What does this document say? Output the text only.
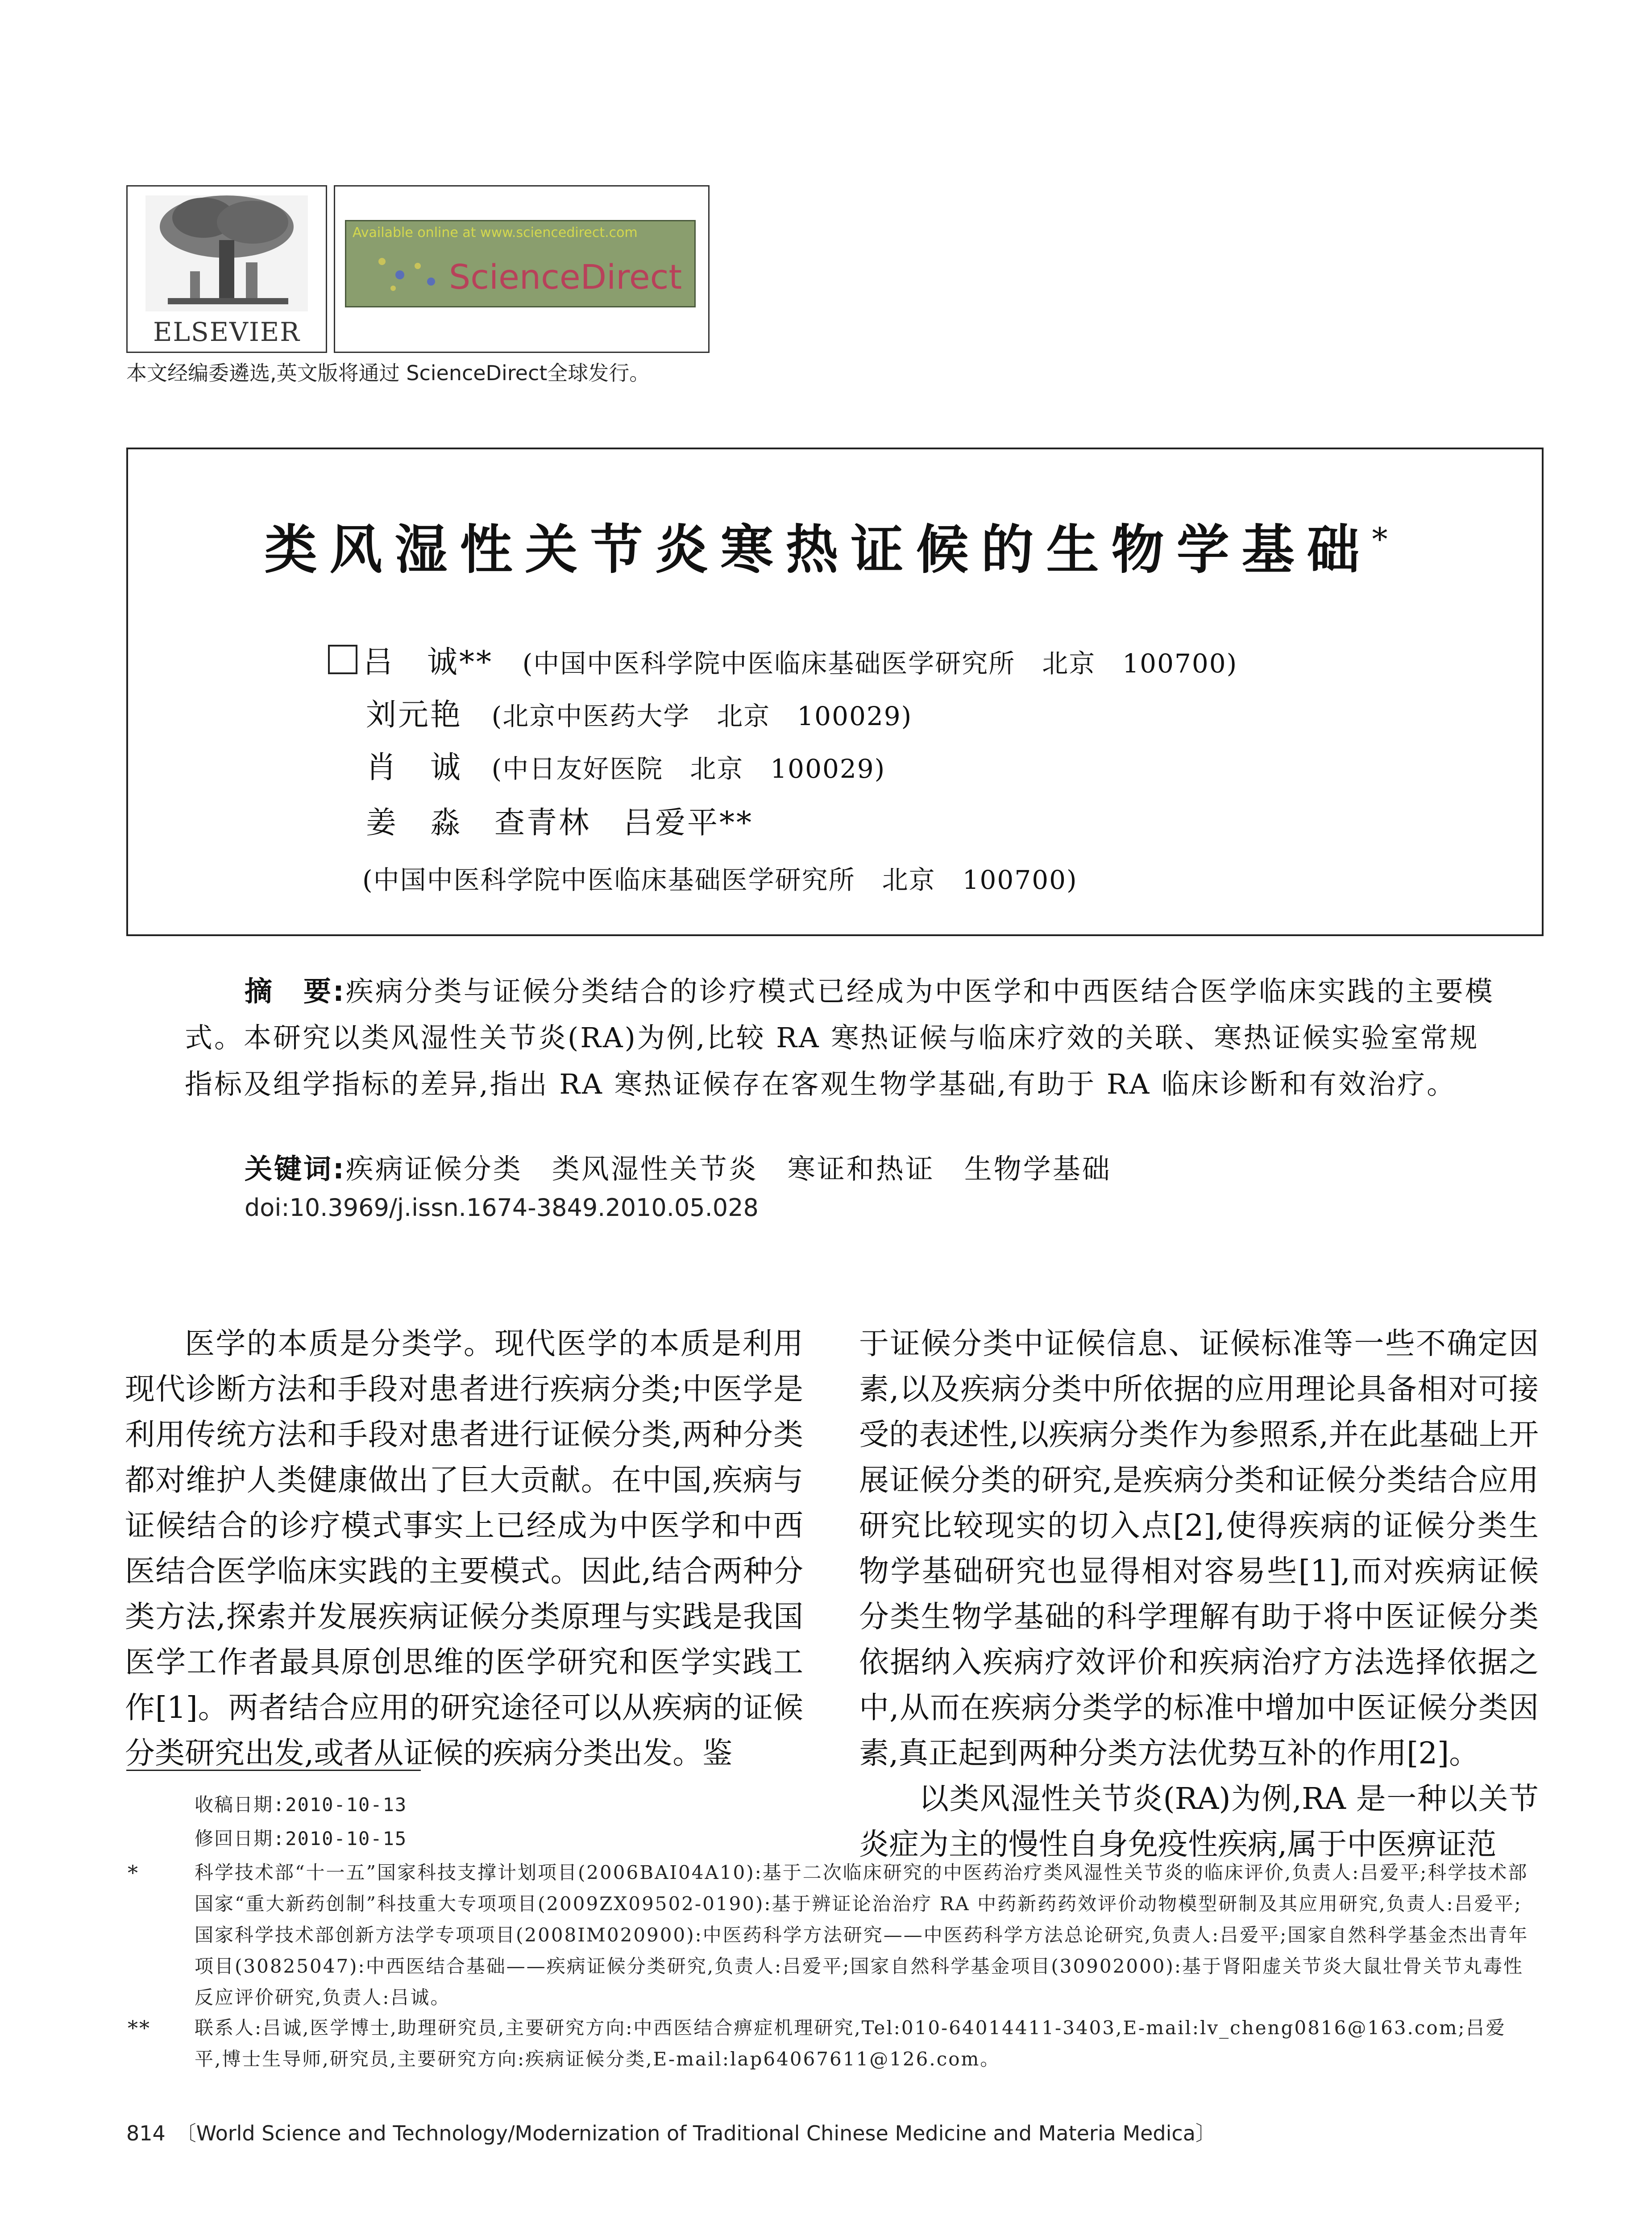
ELSEVIER
Available online at www.sciencedirect.com
ScienceDirect
本文经编委遴选,英文版将通过 ScienceDirect全球发行。
类风湿性关节炎寒热证候的生物学基础*
吕　诚** (中国中医科学院中医临床基础医学研究所　北京　100700)
刘元艳 (北京中医药大学　北京　100029)
肖　诚 (中日友好医院　北京　100029)
姜　淼　查青林　吕爱平**
(中国中医科学院中医临床基础医学研究所　北京　100700)
摘　要:疾病分类与证候分类结合的诊疗模式已经成为中医学和中西医结合医学临床实践的主要模式。本研究以类风湿性关节炎(RA)为例,比较 RA 寒热证候与临床疗效的关联、寒热证候实验室常规指标及组学指标的差异,指出 RA 寒热证候存在客观生物学基础,有助于 RA 临床诊断和有效治疗。
关键词:疾病证候分类　类风湿性关节炎　寒证和热证　生物学基础
doi:10.3969/j.issn.1674-3849.2010.05.028

医学的本质是分类学。现代医学的本质是利用现代诊断方法和手段对患者进行疾病分类;中医学是利用传统方法和手段对患者进行证候分类,两种分类都对维护人类健康做出了巨大贡献。在中国,疾病与证候结合的诊疗模式事实上已经成为中医学和中西医结合医学临床实践的主要模式。因此,结合两种分类方法,探索并发展疾病证候分类原理与实践是我国医学工作者最具原创思维的医学研究和医学实践工作[1]。两者结合应用的研究途径可以从疾病的证候分类研究出发,或者从证候的疾病分类出发。鉴

于证候分类中证候信息、证候标准等一些不确定因素,以及疾病分类中所依据的应用理论具备相对可接受的表述性,以疾病分类作为参照系,并在此基础上开展证候分类的研究,是疾病分类和证候分类结合应用研究比较现实的切入点[2],使得疾病的证候分类生物学基础研究也显得相对容易些[1],而对疾病证候分类生物学基础的科学理解有助于将中医证候分类依据纳入疾病疗效评价和疾病治疗方法选择依据之中,从而在疾病分类学的标准中增加中医证候分类因素,真正起到两种分类方法优势互补的作用[2]。

以类风湿性关节炎(RA)为例,RA 是一种以关节炎症为主的慢性自身免疫性疾病,属于中医痹证范

收稿日期:2010-10-13
修回日期:2010-10-15
*	科学技术部“十一五”国家科技支撑计划项目(2006BAI04A10):基于二次临床研究的中医药治疗类风湿性关节炎的临床评价,负责人:吕爱平;科学技术部国家“重大新药创制”科技重大专项项目(2009ZX09502-0190):基于辨证论治治疗 RA 中药新药药效评价动物模型研制及其应用研究,负责人:吕爱平;国家科学技术部创新方法学专项项目(2008IM020900):中医药科学方法研究——中医药科学方法总论研究,负责人:吕爱平;国家自然科学基金杰出青年项目(30825047):中西医结合基础——疾病证候分类研究,负责人:吕爱平;国家自然科学基金项目(30902000):基于肾阳虚关节炎大鼠壮骨关节丸毒性反应评价研究,负责人:吕诚。
** 联系人:吕诚,医学博士,助理研究员,主要研究方向:中西医结合痹症机理研究,Tel:010-64014411-3403,E-mail:lv_cheng0816@163.com;吕爱平,博士生导师,研究员,主要研究方向:疾病证候分类,E-mail:lap64067611@126.com。
814　〔World Science and Technology/Modernization of Traditional Chinese Medicine and Materia Medica〕
